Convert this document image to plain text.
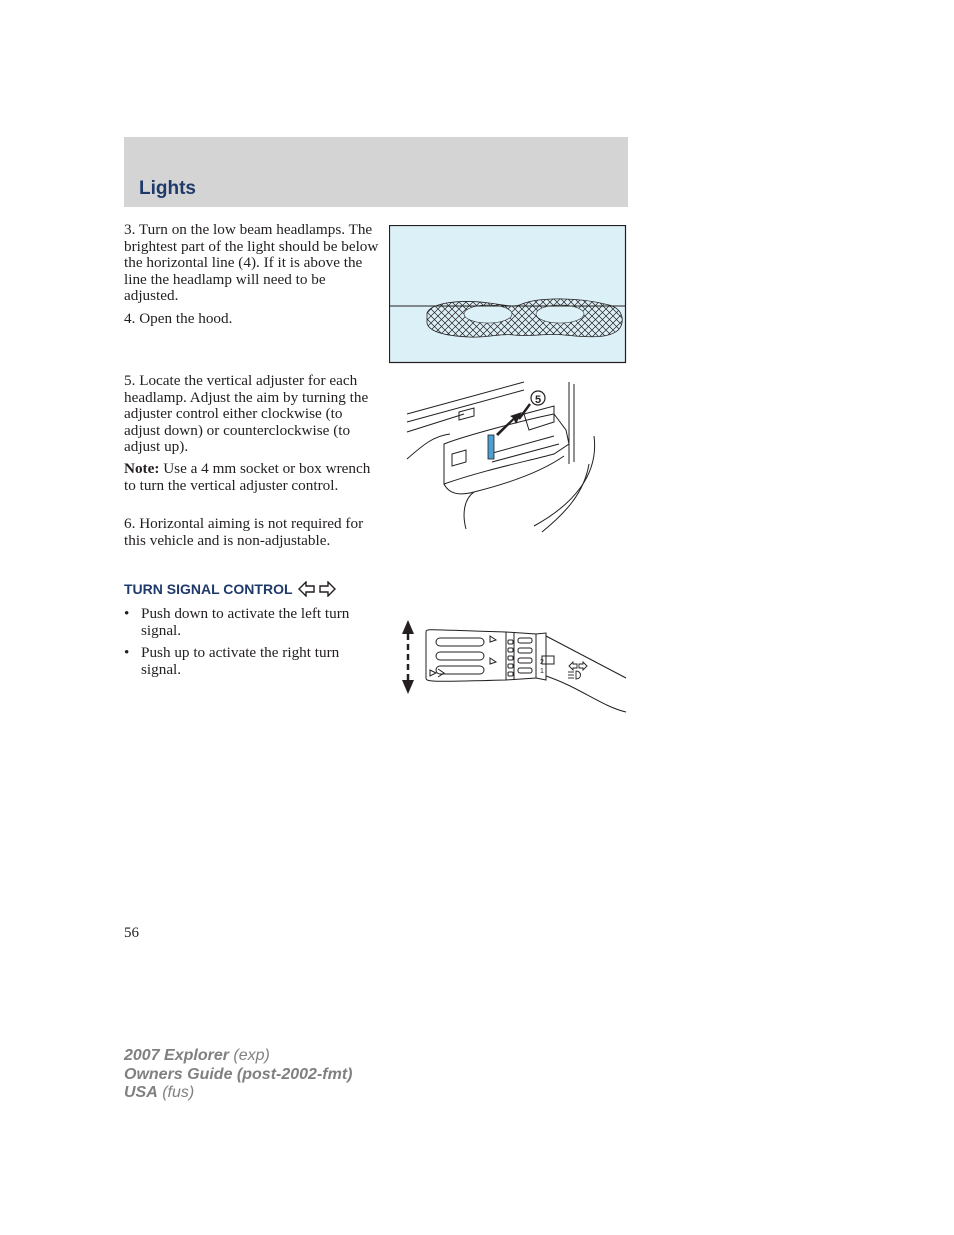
Lights
3. Turn on the low beam headlamps. The brightest part of the light should be below the horizontal line (4). If it is above the line the headlamp will need to be adjusted.
4. Open the hood.
5. Locate the vertical adjuster for each headlamp. Adjust the aim by turning the adjuster control either clockwise (to adjust down) or counterclockwise (to adjust up).
Note: Use a 4 mm socket or box wrench to turn the vertical adjuster control.
6. Horizontal aiming is not required for this vehicle and is non-adjustable.
5
TURN SIGNAL CONTROL
• Push down to activate the left turn signal.
• Push up to activate the right turn signal.	2
1
56
2007 Explorer (exp)
Owners Guide (post-2002-fmt)
USA (fus)
